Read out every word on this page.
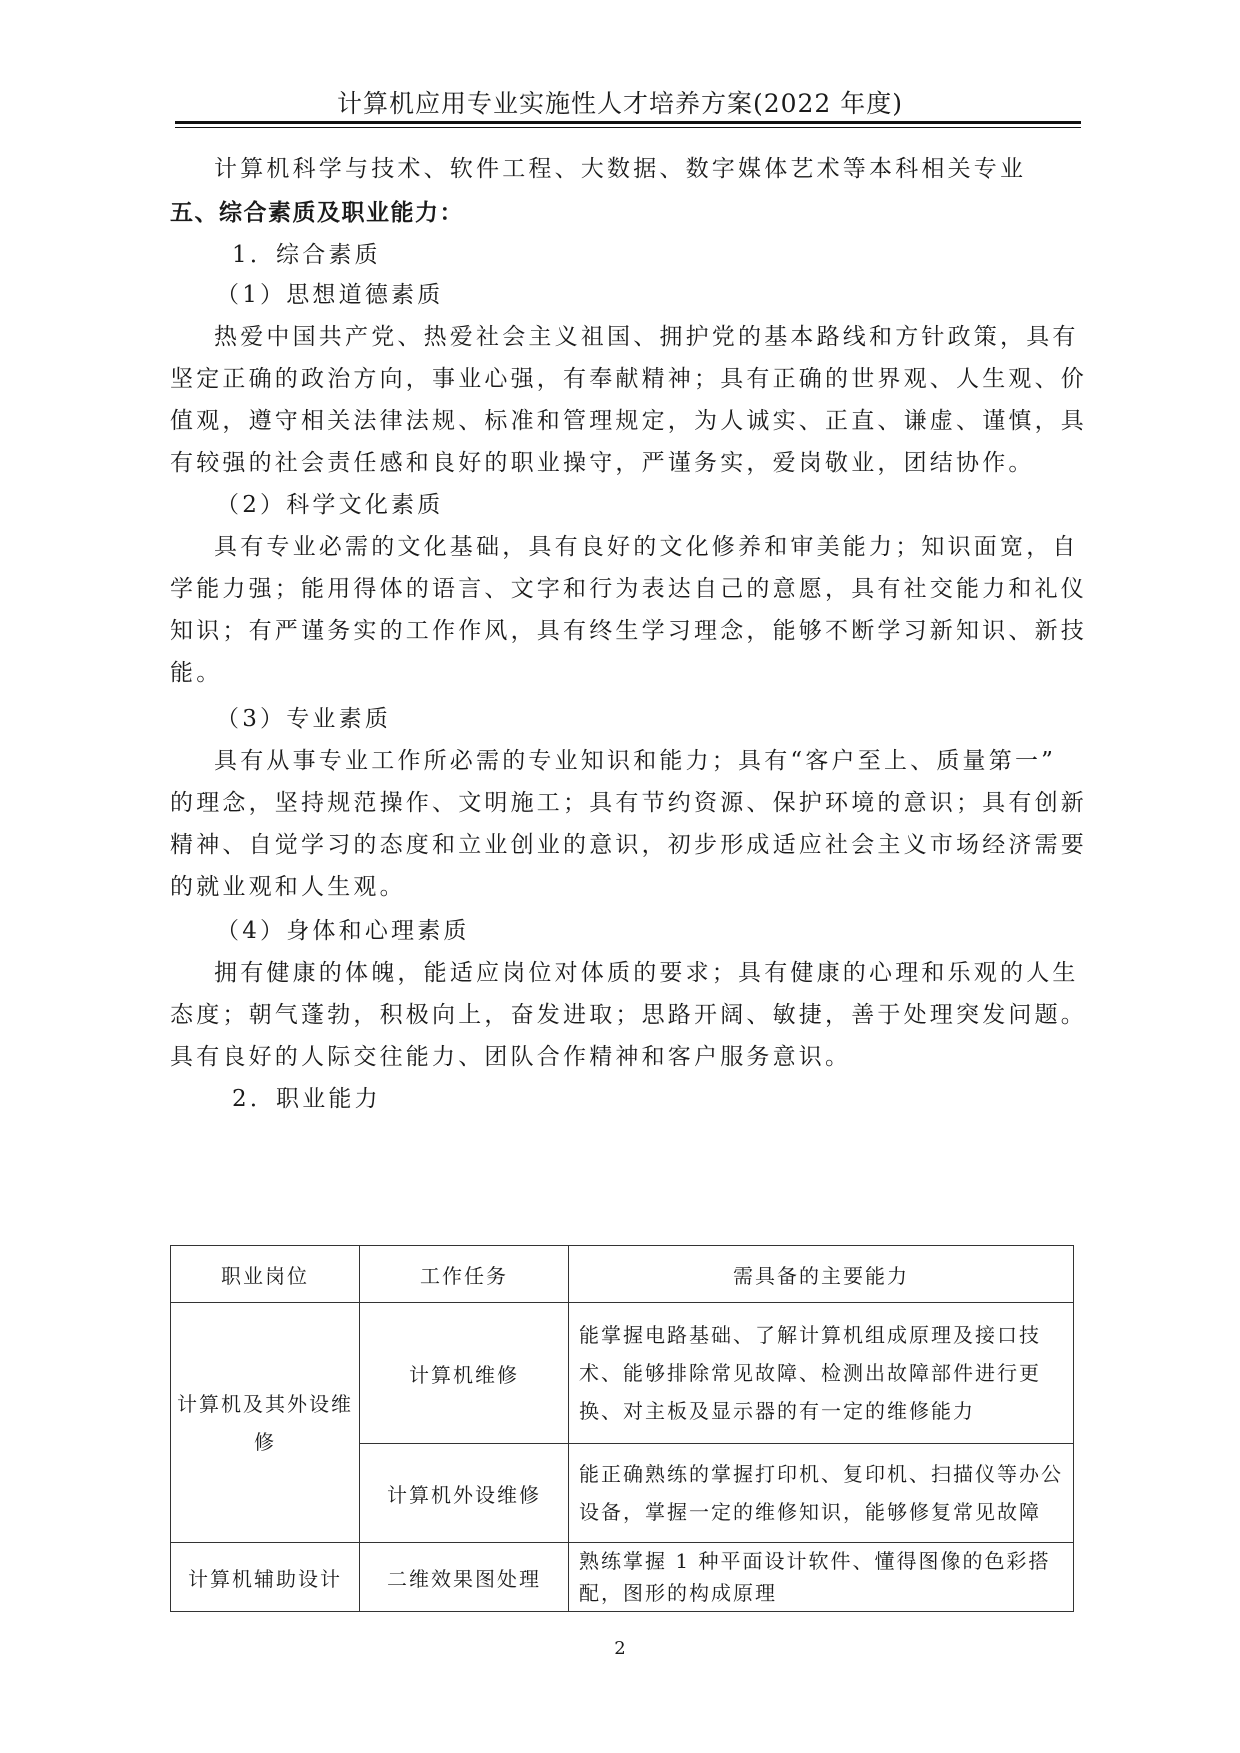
计算机应用专业实施性人才培养方案(2022 年度)
计算机科学与技术、软件工程、大数据、数字媒体艺术等本科相关专业
五、综合素质及职业能力：
1．综合素质
（1）思想道德素质
热爱中国共产党、热爱社会主义祖国、拥护党的基本路线和方针政策，具有
坚定正确的政治方向，事业心强，有奉献精神；具有正确的世界观、人生观、价
值观，遵守相关法律法规、标准和管理规定，为人诚实、正直、谦虚、谨慎，具
有较强的社会责任感和良好的职业操守，严谨务实，爱岗敬业，团结协作。
（2）科学文化素质
具有专业必需的文化基础，具有良好的文化修养和审美能力；知识面宽，自
学能力强；能用得体的语言、文字和行为表达自己的意愿，具有社交能力和礼仪
知识；有严谨务实的工作作风，具有终生学习理念，能够不断学习新知识、新技
能。
（3）专业素质
具有从事专业工作所必需的专业知识和能力；具有“客户至上、质量第一”
的理念，坚持规范操作、文明施工；具有节约资源、保护环境的意识；具有创新
精神、自觉学习的态度和立业创业的意识，初步形成适应社会主义市场经济需要
的就业观和人生观。
（4）身体和心理素质
拥有健康的体魄，能适应岗位对体质的要求；具有健康的心理和乐观的人生
态度；朝气蓬勃，积极向上，奋发进取；思路开阔、敏捷，善于处理突发问题。
具有良好的人际交往能力、团队合作精神和客户服务意识。
2．职业能力
职业岗位	工作任务	需具备的主要能力
计算机及其外设维修	计算机维修	能掌握电路基础、了解计算机组成原理及接口技术、能够排除常见故障、检测出故障部件进行更换、对主板及显示器的有一定的维修能力
	计算机外设维修	能正确熟练的掌握打印机、复印机、扫描仪等办公设备，掌握一定的维修知识，能够修复常见故障
计算机辅助设计	二维效果图处理	熟练掌握 1 种平面设计软件、懂得图像的色彩搭配，图形的构成原理
2
